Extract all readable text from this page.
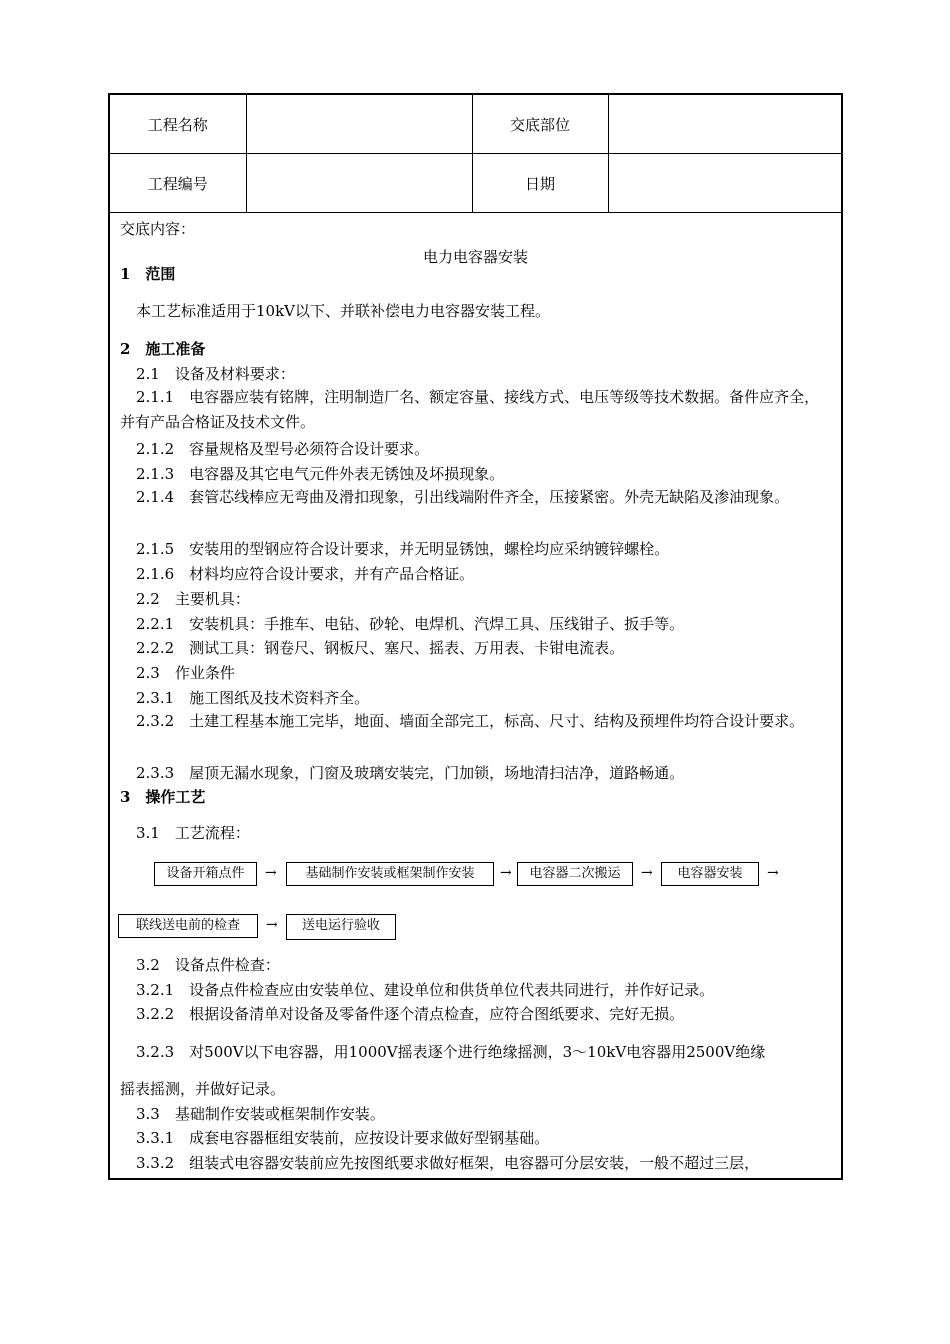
工程名称		交底部位	
工程编号		日期	
交底内容：
电力电容器安装
1　范围
本工艺标准适用于10kV以下、并联补偿电力电容器安装工程。
2　施工准备
2.1　设备及材料要求：
2.1.1　电容器应装有铭牌，注明制造厂名、额定容量、接线方式、电压等级等技术数据。备件应齐全，并有产品合格证及技术文件。
2.1.2　容量规格及型号必须符合设计要求。
2.1.3　电容器及其它电气元件外表无锈蚀及坏损现象。
2.1.4　套管芯线棒应无弯曲及滑扣现象，引出线端附件齐全，压接紧密。外壳无缺陷及渗油现象。
2.1.5　安装用的型钢应符合设计要求，并无明显锈蚀，螺栓均应采纳镀锌螺栓。
2.1.6　材料均应符合设计要求，并有产品合格证。
2.2　主要机具：
2.2.1　安装机具：手推车、电钻、砂轮、电焊机、汽焊工具、压线钳子、扳手等。
2.2.2　测试工具：钢卷尺、钢板尺、塞尺、摇表、万用表、卡钳电流表。
2.3　作业条件
2.3.1　施工图纸及技术资料齐全。
2.3.2　土建工程基本施工完毕，地面、墙面全部完工，标高、尺寸、结构及预埋件均符合设计要求。
2.3.3　屋顶无漏水现象，门窗及玻璃安装完，门加锁，场地清扫洁净，道路畅通。
3　操作工艺
3.1　工艺流程：
设备开箱点件	→	基础制作安装或框架制作安装	→	电容器二次搬运	→	电容器安装	→
联线送电前的检查	→	送电运行验收
3.2　设备点件检查：
3.2.1　设备点件检查应由安装单位、建设单位和供货单位代表共同进行，并作好记录。
3.2.2　根据设备清单对设备及零备件逐个清点检查，应符合图纸要求、完好无损。
3.2.3　对500V以下电容器，用1000V摇表逐个进行绝缘摇测，3～10kV电容器用2500V绝缘
摇表摇测，并做好记录。
3.3　基础制作安装或框架制作安装。
3.3.1　成套电容器框组安装前，应按设计要求做好型钢基础。
3.3.2　组装式电容器安装前应先按图纸要求做好框架，电容器可分层安装，一般不超过三层，
